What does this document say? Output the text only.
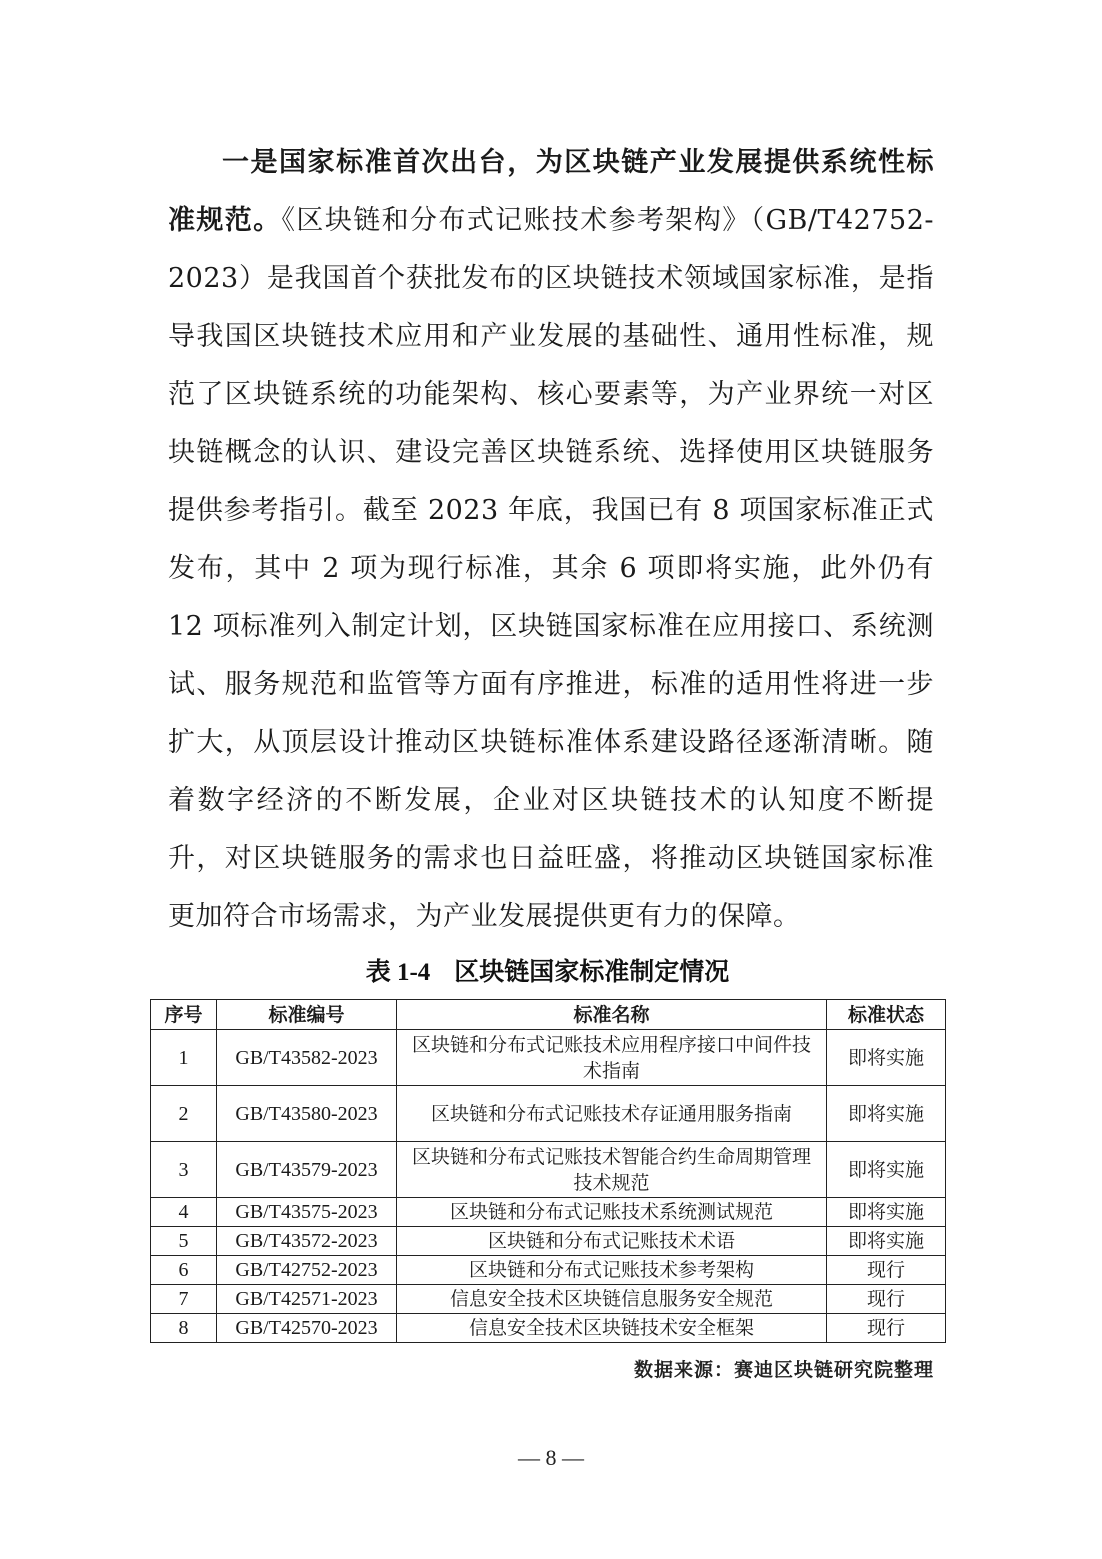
一是国家标准首次出台，为区块链产业发展提供系统性标准规范。《区块链和分布式记账技术参考架构》（GB/T42752-2023）是我国首个获批发布的区块链技术领域国家标准，是指导我国区块链技术应用和产业发展的基础性、通用性标准，规范了区块链系统的功能架构、核心要素等，为产业界统一对区块链概念的认识、建设完善区块链系统、选择使用区块链服务提供参考指引。截至 2023 年底，我国已有 8 项国家标准正式发布，其中 2 项为现行标准，其余 6 项即将实施，此外仍有 12 项标准列入制定计划，区块链国家标准在应用接口、系统测试、服务规范和监管等方面有序推进，标准的适用性将进一步扩大，从顶层设计推动区块链标准体系建设路径逐渐清晰。随着数字经济的不断发展，企业对区块链技术的认知度不断提升，对区块链服务的需求也日益旺盛，将推动区块链国家标准更加符合市场需求，为产业发展提供更有力的保障。

表 1-4 区块链国家标准制定情况
序号	标准编号	标准名称	标准状态
1	GB/T43582-2023	区块链和分布式记账技术应用程序接口中间件技术指南	即将实施
2	GB/T43580-2023	区块链和分布式记账技术存证通用服务指南	即将实施
3	GB/T43579-2023	区块链和分布式记账技术智能合约生命周期管理技术规范	即将实施
4	GB/T43575-2023	区块链和分布式记账技术系统测试规范	即将实施
5	GB/T43572-2023	区块链和分布式记账技术术语	即将实施
6	GB/T42752-2023	区块链和分布式记账技术参考架构	现行
7	GB/T42571-2023	信息安全技术区块链信息服务安全规范	现行
8	GB/T42570-2023	信息安全技术区块链技术安全框架	现行
数据来源：赛迪区块链研究院整理
— 8 —
